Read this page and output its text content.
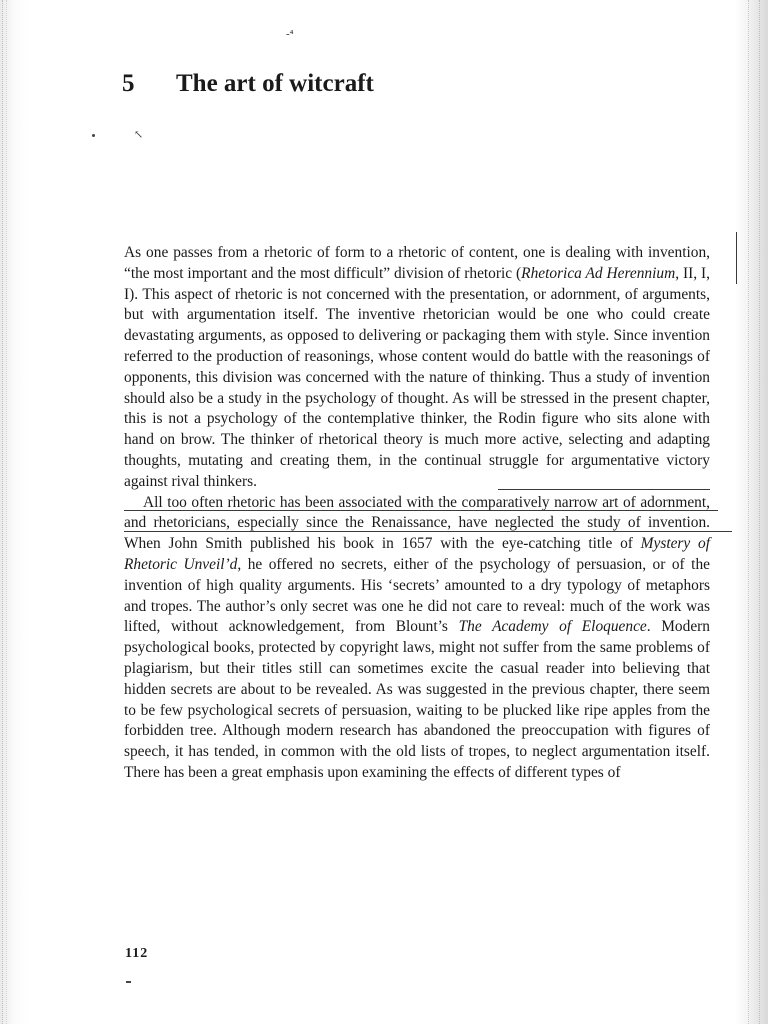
-⁴
↖
5 The art of witcraft

As one passes from a rhetoric of form to a rhetoric of content, one is dealing with invention, “the most important and the most difficult” division of rhetoric (Rhetorica Ad Herennium, II, I, I). This aspect of rhetoric is not concerned with the presentation, or adornment, of arguments, but with argumentation itself. The inventive rhetorician would be one who could create devastating arguments, as opposed to delivering or packaging them with style. Since invention referred to the production of reasonings, whose content would do battle with the reasonings of opponents, this division was concerned with the nature of thinking. Thus a study of invention should also be a study in the psychology of thought. As will be stressed in the present chapter, this is not a psychology of the contemplative thinker, the Rodin figure who sits alone with hand on brow. The thinker of rhetorical theory is much more active, selecting and adapting thoughts, mutating and creating them, in the continual struggle for argumentative victory against rival thinkers.

All too often rhetoric has been associated with the comparatively narrow art of adornment, and rhetoricians, especially since the Renaissance, have neglected the study of invention. When John Smith published his book in 1657 with the eye-catching title of Mystery of Rhetoric Unveil’d, he offered no secrets, either of the psychology of persuasion, or of the invention of high quality arguments. His ‘secrets’ amounted to a dry typology of metaphors and tropes. The author’s only secret was one he did not care to reveal: much of the work was lifted, without acknowledgement, from Blount’s The Academy of Eloquence. Modern psychological books, protected by copyright laws, might not suffer from the same problems of plagiarism, but their titles still can sometimes excite the casual reader into believing that hidden secrets are about to be revealed. As was suggested in the previous chapter, there seem to be few psychological secrets of persuasion, waiting to be plucked like ripe apples from the forbidden tree. Although modern research has abandoned the preoccupation with figures of speech, it has tended, in common with the old lists of tropes, to neglect argumentation itself. There has been a great emphasis upon examining the effects of different types of

112
